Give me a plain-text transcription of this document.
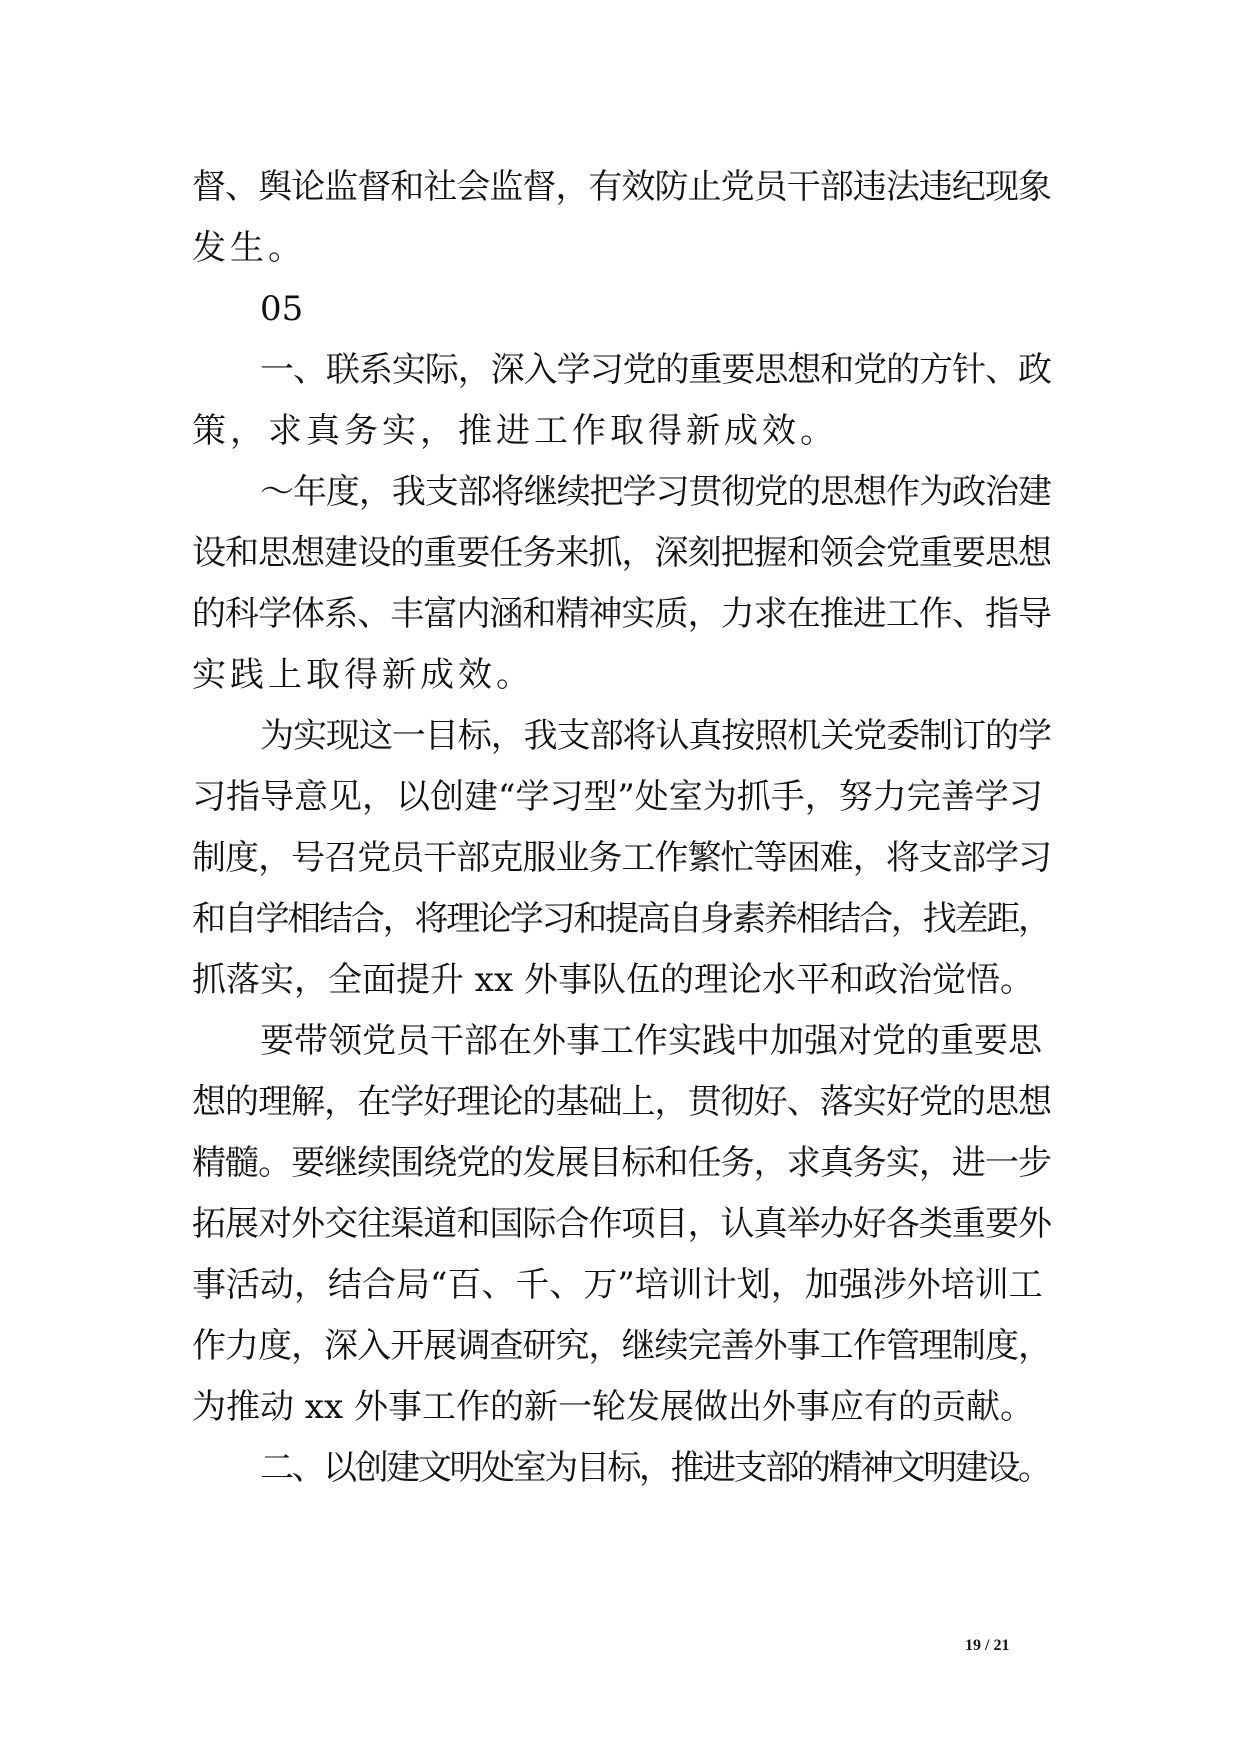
督、舆论监督和社会监督，有效防止党员干部违法违纪现象
发生。
05
一、联系实际，深入学习党的重要思想和党的方针、政
策，求真务实，推进工作取得新成效。
～年度，我支部将继续把学习贯彻党的思想作为政治建
设和思想建设的重要任务来抓，深刻把握和领会党重要思想
的科学体系、丰富内涵和精神实质，力求在推进工作、指导
实践上取得新成效。
为实现这一目标，我支部将认真按照机关党委制订的学
习指导意见，以创建“学习型”处室为抓手，努力完善学习
制度，号召党员干部克服业务工作繁忙等困难，将支部学习
和自学相结合，将理论学习和提高自身素养相结合，找差距，
抓落实，全面提升 xx 外事队伍的理论水平和政治觉悟。
要带领党员干部在外事工作实践中加强对党的重要思
想的理解，在学好理论的基础上，贯彻好、落实好党的思想
精髓。要继续围绕党的发展目标和任务，求真务实，进一步
拓展对外交往渠道和国际合作项目，认真举办好各类重要外
事活动，结合局“百、千、万”培训计划，加强涉外培训工
作力度，深入开展调查研究，继续完善外事工作管理制度，
为推动 xx 外事工作的新一轮发展做出外事应有的贡献。
二、以创建文明处室为目标，推进支部的精神文明建设。
19 / 21
